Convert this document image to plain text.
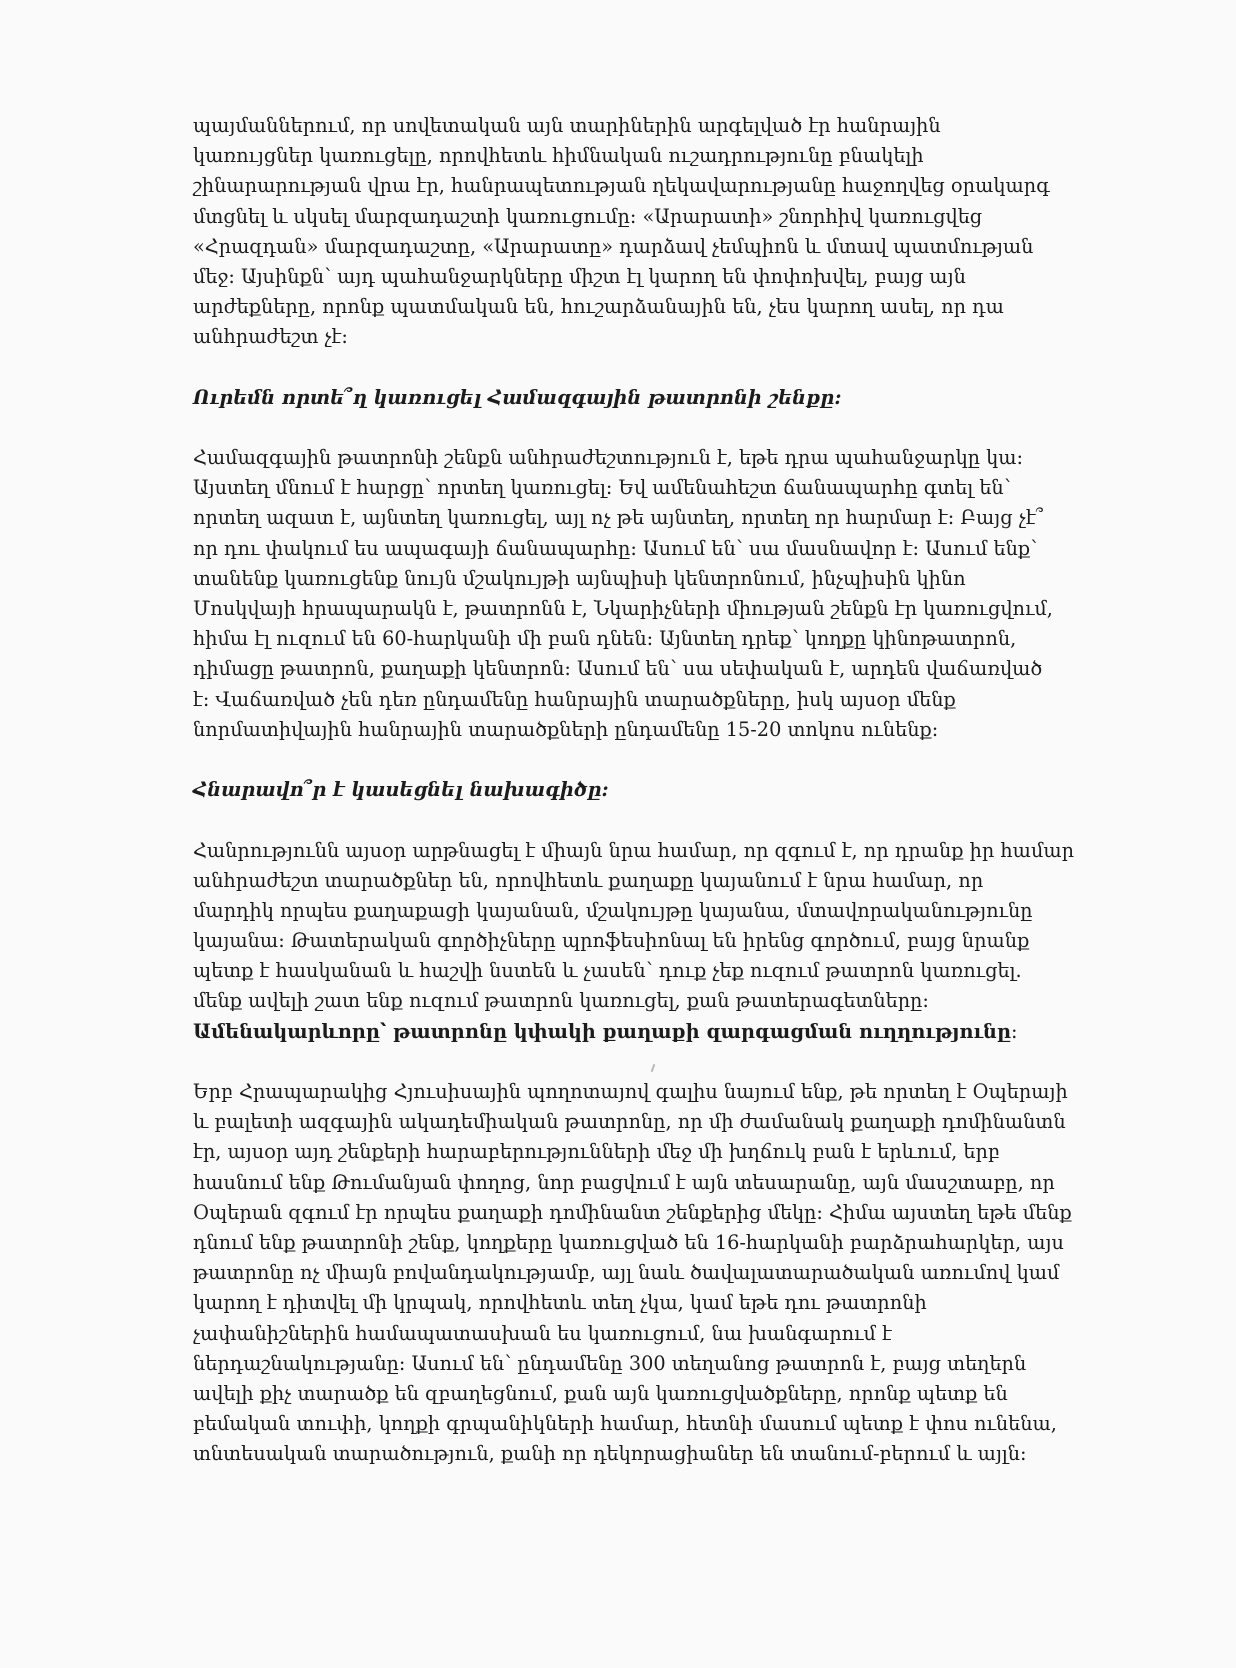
պայմաններում, որ սովետական այն տարիներին արգելված էր հանրային
կառույցներ կառուցելը, որովհետև հիմնական ուշադրությունը բնակելի
շինարարության վրա էր, հանրապետության ղեկավարությանը հաջողվեց օրակարգ
մտցնել և սկսել մարզադաշտի կառուցումը: «Արարատի» շնորհիվ կառուցվեց
«Հրազդան» մարզադաշտը, «Արարատը» դարձավ չեմպիոն և մտավ պատմության
մեջ: Այսինքն՝ այդ պահանջարկները միշտ էլ կարող են փոփոխվել, բայց այն
արժեքները, որոնք պատմական են, հուշարձանային են, չես կարող ասել, որ դա
անհրաժեշտ չէ:

Ուրեմն որտե՞ղ կառուցել Համազգային թատրոնի շենքը:

Համազգային թատրոնի շենքն անհրաժեշտություն է, եթե դրա պահանջարկը կա:
Այստեղ մնում է հարցը՝ որտեղ կառուցել: Եվ ամենահեշտ ճանապարհը գտել են՝
որտեղ ազատ է, այնտեղ կառուցել, այլ ոչ թե այնտեղ, որտեղ որ հարմար է: Բայց չէ՞
որ դու փակում ես ապագայի ճանապարհը: Ասում են՝ սա մասնավոր է: Ասում ենք՝
տանենք կառուցենք նույն մշակույթի այնպիսի կենտրոնում, ինչպիսին կինո
Մոսկվայի հրապարակն է, թատրոնն է, Նկարիչների միության շենքն էր կառուցվում,
հիմա էլ ուզում են 60-հարկանի մի բան դնեն: Այնտեղ դրեք՝ կողքը կինոթատրոն,
դիմացը թատրոն, քաղաքի կենտրոն: Ասում են՝ սա սեփական է, արդեն վաճառված
է: Վաճառված չեն դեռ ընդամենը հանրային տարածքները, իսկ այսօր մենք
նորմատիվային հանրային տարածքների ընդամենը 15-20 տոկոս ունենք:

Հնարավո՞ր է կասեցնել նախագիծը:

Հանրությունն այսօր արթնացել է միայն նրա համար, որ զգում է, որ դրանք իր համար
անհրաժեշտ տարածքներ են, որովհետև քաղաքը կայանում է նրա համար, որ
մարդիկ որպես քաղաքացի կայանան, մշակույթը կայանա, մտավորականությունը
կայանա: Թատերական գործիչները պրոֆեսիոնալ են իրենց գործում, բայց նրանք
պետք է հասկանան և հաշվի նստեն և չասեն՝ դուք չեք ուզում թատրոն կառուցել.
մենք ավելի շատ ենք ուզում թատրոն կառուցել, քան թատերագետները:
Ամենակարևորը՝ թատրոնը կփակի քաղաքի զարգացման ուղղությունը:

Երբ Հրապարակից Հյուսիսային պողոտայով գալիս նայում ենք, թե որտեղ է Օպերայի
և բալետի ազգային ակադեմիական թատրոնը, որ մի ժամանակ քաղաքի դոմինանտն
էր, այսօր այդ շենքերի հարաբերությունների մեջ մի խղճուկ բան է երևում, երբ
հասնում ենք Թումանյան փողոց, նոր բացվում է այն տեսարանը, այն մասշտաբը, որ
Օպերան զգում էր որպես քաղաքի դոմինանտ շենքերից մեկը: Հիմա այստեղ եթե մենք
դնում ենք թատրոնի շենք, կողքերը կառուցված են 16-հարկանի բարձրահարկեր, այս
թատրոնը ոչ միայն բովանդակությամբ, այլ նաև ծավալատարածական առումով կամ
կարող է դիտվել մի կրպակ, որովհետև տեղ չկա, կամ եթե դու թատրոնի
չափանիշներին համապատասխան ես կառուցում, նա խանգարում է
ներդաշնակությանը: Ասում են՝ ընդամենը 300 տեղանոց թատրոն է, բայց տեղերն
ավելի քիչ տարածք են զբաղեցնում, քան այն կառուցվածքները, որոնք պետք են
բեմական տուփի, կողքի գրպանիկների համար, հետնի մասում պետք է փոս ունենա,
տնտեսական տարածություն, քանի որ դեկորացիաներ են տանում-բերում և այլն:
